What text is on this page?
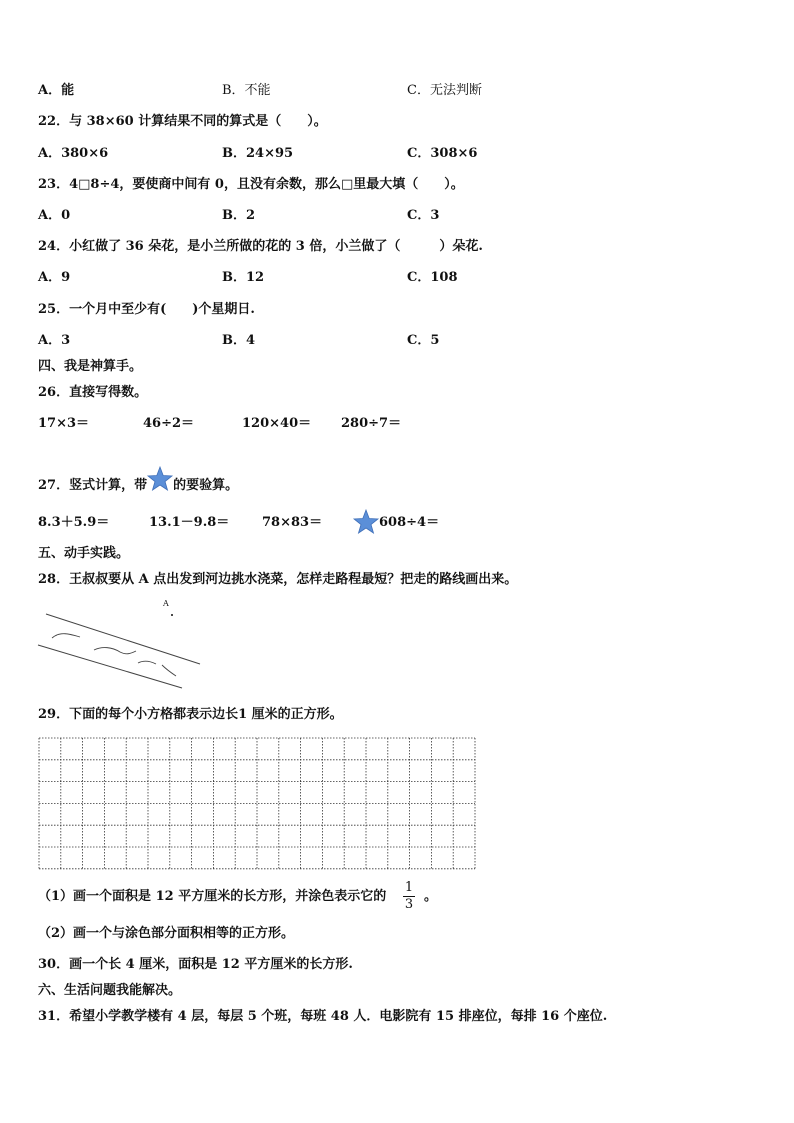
A．能	B．不能	C．无法判断
22．与 38×60 计算结果不同的算式是（　　）。
A．380×6	B．24×95	C．308×6
23．4□8÷4，要使商中间有 0，且没有余数，那么□里最大填（　　）。
A．0	B．2	C．3
24．小红做了 36 朵花，是小兰所做的花的 3 倍，小兰做了（　　　）朵花.
A．9	B．12	C．108
25．一个月中至少有(　　)个星期日.
A．3	B．4	C．5
四、我是神算手。
26．直接写得数。
17×3＝	46÷2＝	120×40＝ 280÷7＝
27．竖式计算，带 的要验算。
8.3＋5.9＝	13.1－9.8＝	78×83＝	608÷4＝
五、动手实践。
28．王叔叔要从 A 点出发到河边挑水浇菜，怎样走路程最短？把走的路线画出来。
A
29．下面的每个小方格都表示边长1 厘米的正方形。
（1）画一个面积是 12 平方厘米的长方形，并涂色表示它的
1
3
。
（2）画一个与涂色部分面积相等的正方形。
30．画一个长 4 厘米，面积是 12 平方厘米的长方形.
六、生活问题我能解决。
31．希望小学教学楼有 4 层，每层 5 个班，每班 48 人．电影院有 15 排座位，每排 16 个座位.
